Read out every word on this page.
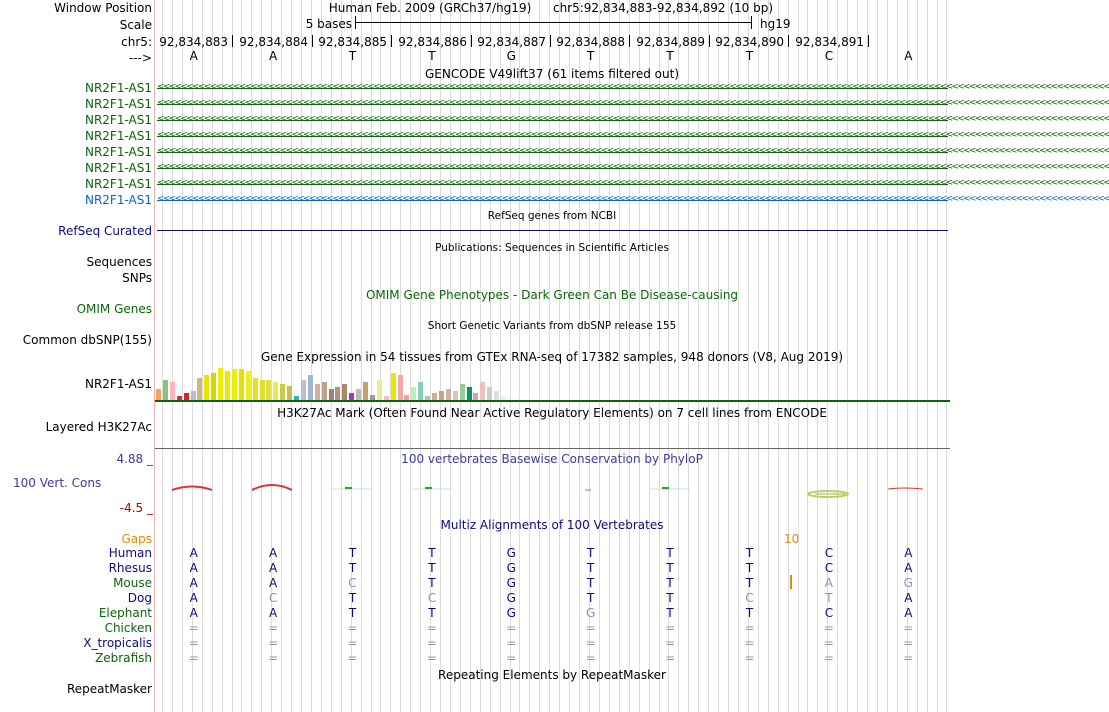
Window Position	Human Feb. 2009 (GRCh37/hg19) chr5:92,834,883-92,834,892 (10 bp)
Scale	5 bases	hg19
chr5: 92,834,883 92,834,884 92,834,885 92,834,886 92,834,887 92,834,888 92,834,889 92,834,890 92,834,891
--->	A	A	T	T	G	T	T	T	C	A
GENCODE V49lift37 (61 items filtered out)
NR2F1-AS1 <<<<<<<<<<<<<<<<<<<<<<<<<<<<<<<<<<<<<<<<<<<<<<<<<<<<<<<<<<<<<<<<<<<<<<<<<<<<<<<<<<<<<<<<<<<<<<<<<<<<<<<<<<<<<<<<<<<<<<<<<<<<<<<<<<<<<<<<<<<<<<<<<<<<<<<<<<<<<<<<<<<
NR2F1-AS1 <<<<<<<<<<<<<<<<<<<<<<<<<<<<<<<<<<<<<<<<<<<<<<<<<<<<<<<<<<<<<<<<<<<<<<<<<<<<<<<<<<<<<<<<<<<<<<<<<<<<<<<<<<<<<<<<<<<<<<<<<<<<<<<<<<<<<<<<<<<<<<<<<<<<<<<<<<<<<<<<<<<
NR2F1-AS1 <<<<<<<<<<<<<<<<<<<<<<<<<<<<<<<<<<<<<<<<<<<<<<<<<<<<<<<<<<<<<<<<<<<<<<<<<<<<<<<<<<<<<<<<<<<<<<<<<<<<<<<<<<<<<<<<<<<<<<<<<<<<<<<<<<<<<<<<<<<<<<<<<<<<<<<<<<<<<<<<<<<
NR2F1-AS1 <<<<<<<<<<<<<<<<<<<<<<<<<<<<<<<<<<<<<<<<<<<<<<<<<<<<<<<<<<<<<<<<<<<<<<<<<<<<<<<<<<<<<<<<<<<<<<<<<<<<<<<<<<<<<<<<<<<<<<<<<<<<<<<<<<<<<<<<<<<<<<<<<<<<<<<<<<<<<<<<<<<
NR2F1-AS1 <<<<<<<<<<<<<<<<<<<<<<<<<<<<<<<<<<<<<<<<<<<<<<<<<<<<<<<<<<<<<<<<<<<<<<<<<<<<<<<<<<<<<<<<<<<<<<<<<<<<<<<<<<<<<<<<<<<<<<<<<<<<<<<<<<<<<<<<<<<<<<<<<<<<<<<<<<<<<<<<<<<
NR2F1-AS1 <<<<<<<<<<<<<<<<<<<<<<<<<<<<<<<<<<<<<<<<<<<<<<<<<<<<<<<<<<<<<<<<<<<<<<<<<<<<<<<<<<<<<<<<<<<<<<<<<<<<<<<<<<<<<<<<<<<<<<<<<<<<<<<<<<<<<<<<<<<<<<<<<<<<<<<<<<<<<<<<<<<
NR2F1-AS1 <<<<<<<<<<<<<<<<<<<<<<<<<<<<<<<<<<<<<<<<<<<<<<<<<<<<<<<<<<<<<<<<<<<<<<<<<<<<<<<<<<<<<<<<<<<<<<<<<<<<<<<<<<<<<<<<<<<<<<<<<<<<<<<<<<<<<<<<<<<<<<<<<<<<<<<<<<<<<<<<<<<
NR2F1-AS1 <<<<<<<<<<<<<<<<<<<<<<<<<<<<<<<<<<<<<<<<<<<<<<<<<<<<<<<<<<<<<<<<<<<<<<<<<<<<<<<<<<<<<<<<<<<<<<<<<<<<<<<<<<<<<<<<<<<<<<<<<<<<<<<<<<<<<<<<<<<<<<<<<<<<<<<<<<<<<<<<<<<
RefSeq genes from NCBI
RefSeq Curated
Publications: Sequences in Scientific Articles
Sequences
SNPs
OMIM Gene Phenotypes - Dark Green Can Be Disease-causing
OMIM Genes
Short Genetic Variants from dbSNP release 155
Common dbSNP(155)
Gene Expression in 54 tissues from GTEx RNA-seq of 17382 samples, 948 donors (V8, Aug 2019)
NR2F1-AS1
H3K27Ac Mark (Often Found Near Active Regulatory Elements) on 7 cell lines from ENCODE
Layered H3K27Ac
100 vertebrates Basewise Conservation by PhyloP
4.88 _
100 Vert. Cons
-4.5 _
Multiz Alignments of 100 Vertebrates
Gaps	10
Human	A	A	T	T	G	T	T	T	C	A
Rhesus	A	A	T	T	G	T	T	T	C	A
Mouse	A	A	C	T	G	T	T	T	A	G
Dog	A	C	T	C	G	T	T	C	T	A
Elephant	A	A	T	T	G	G	T	T	C	A
Chicken	=	=	=	=	=	=	=	=	=	=
X_tropicalis	=	=	=	=	=	=	=	=	=	=
Zebrafish	=	=	=	=	=	=	=	=	=	=
Repeating Elements by RepeatMasker
RepeatMasker
